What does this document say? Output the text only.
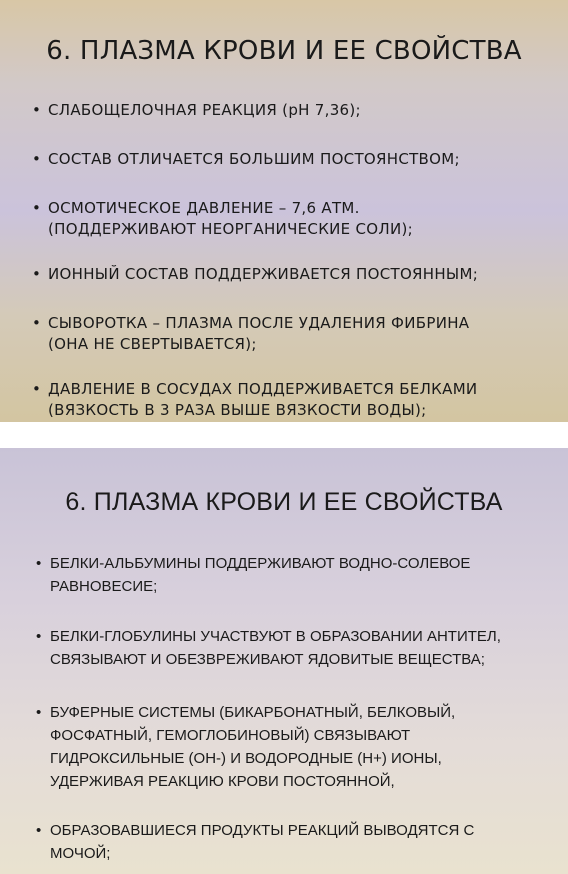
6. ПЛАЗМА КРОВИ И ЕЕ СВОЙСТВА
• СЛАБОЩЕЛОЧНАЯ РЕАКЦИЯ (pH 7,36);
• СОСТАВ ОТЛИЧАЕТСЯ БОЛЬШИМ ПОСТОЯНСТВОМ;
• ОСМОТИЧЕСКОЕ ДАВЛЕНИЕ – 7,6 АТМ.
(ПОДДЕРЖИВАЮТ НЕОРГАНИЧЕСКИЕ СОЛИ);
• ИОННЫЙ СОСТАВ ПОДДЕРЖИВАЕТСЯ ПОСТОЯННЫМ;
• СЫВОРОТКА – ПЛАЗМА ПОСЛЕ УДАЛЕНИЯ ФИБРИНА
(ОНА НЕ СВЕРТЫВАЕТСЯ);
• ДАВЛЕНИЕ В СОСУДАХ ПОДДЕРЖИВАЕТСЯ БЕЛКАМИ
(ВЯЗКОСТЬ В 3 РАЗА ВЫШЕ ВЯЗКОСТИ ВОДЫ);
6. ПЛАЗМА КРОВИ И ЕЕ СВОЙСТВА
• БЕЛКИ-АЛЬБУМИНЫ ПОДДЕРЖИВАЮТ ВОДНО-СОЛЕВОЕ
РАВНОВЕСИЕ;
• БЕЛКИ-ГЛОБУЛИНЫ УЧАСТВУЮТ В ОБРАЗОВАНИИ АНТИТЕЛ,
СВЯЗЫВАЮТ И ОБЕЗВРЕЖИВАЮТ ЯДОВИТЫЕ ВЕЩЕСТВА;
• БУФЕРНЫЕ СИСТЕМЫ (БИКАРБОНАТНЫЙ, БЕЛКОВЫЙ,
ФОСФАТНЫЙ, ГЕМОГЛОБИНОВЫЙ) СВЯЗЫВАЮТ
ГИДРОКСИЛЬНЫЕ (ОН-) И ВОДОРОДНЫЕ (Н+) ИОНЫ,
УДЕРЖИВАЯ РЕАКЦИЮ КРОВИ ПОСТОЯННОЙ,
• ОБРАЗОВАВШИЕСЯ ПРОДУКТЫ РЕАКЦИЙ ВЫВОДЯТСЯ С
МОЧОЙ;
